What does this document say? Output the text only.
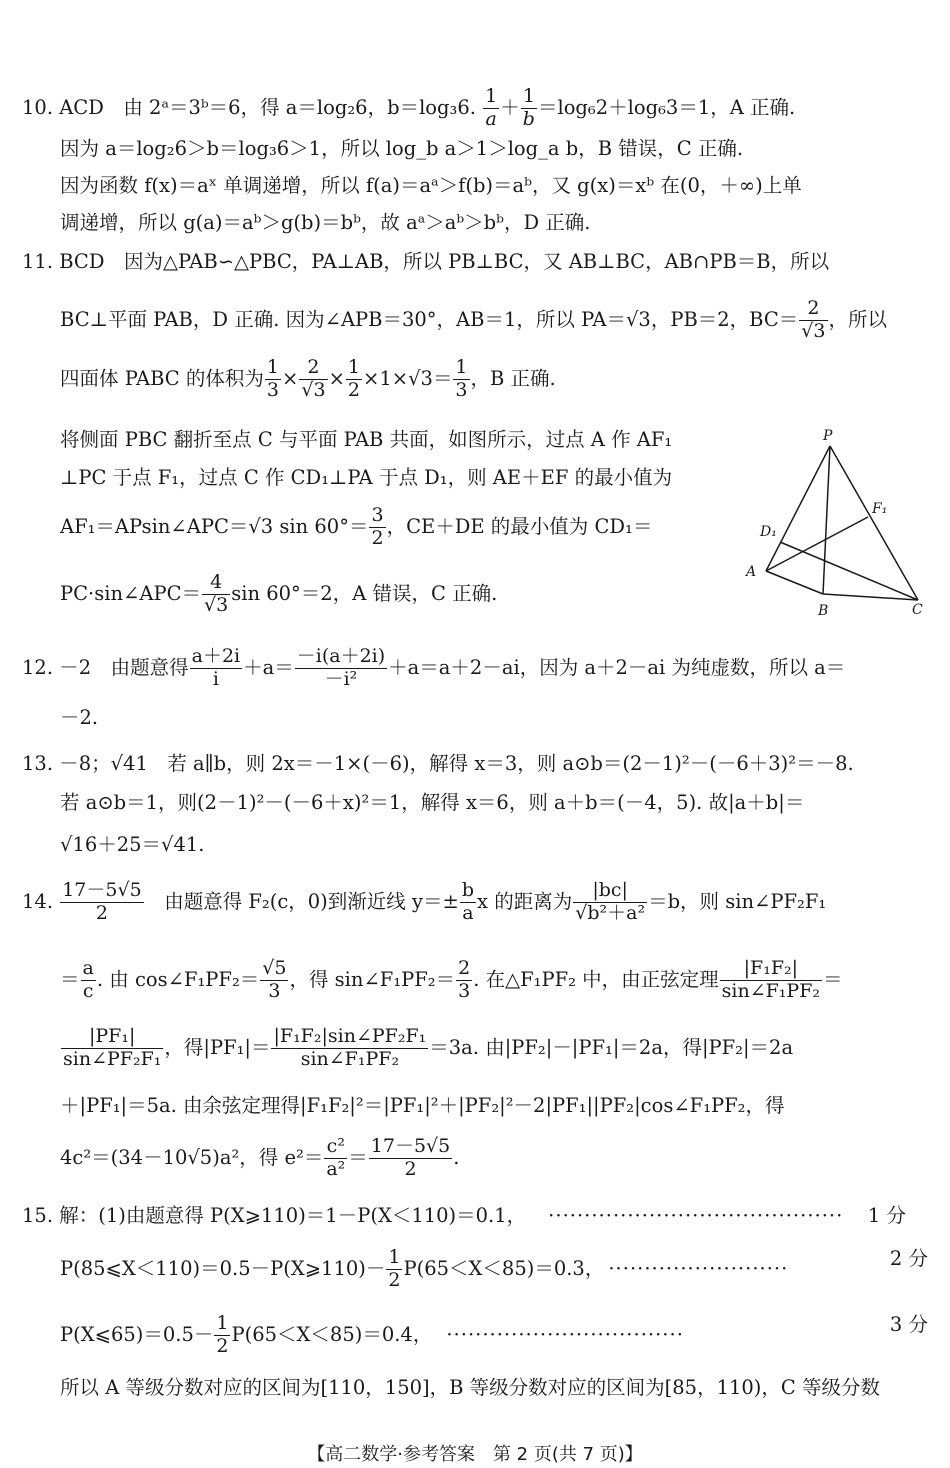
10. ACD　由 2ᵃ＝3ᵇ＝6，得 a＝log₂6，b＝log₃6. $\frac{1}{a} + \frac{1}{b} =\log_62+\log_63=1$，A 正确.
因为 a＝log₂6＞b＝log₃6＞1，所以 log_b a＞1＞log_a b，B 错误，C 正确.
因为函数 f(x)＝aˣ 单调递增，所以 f(a)＝aᵃ＞f(b)＝aᵇ，又 g(x)＝xᵇ 在(0，＋∞)上单
调递增，所以 g(a)＝aᵇ＞g(b)＝bᵇ，故 aᵃ＞aᵇ＞bᵇ，D 正确.
11. BCD　因为△PAB∽△PBC，PA⊥AB，所以 PB⊥BC，又 AB⊥BC，AB∩PB＝B，所以
BC⊥平面 PAB，D 正确. 因为∠APB＝30°，AB＝1，所以 PA＝√3，PB＝2，$BC= \frac{2}{√3}$ ，所以
四面体 PABC 的体积为 $\frac{1}{3} \times \frac{2}{√3} \times \frac{1}{2} \times 1\times√3= \frac{1}{3}$ ，B 正确.
将侧面 PBC 翻折至点 C 与平面 PAB 共面，如图所示，过点 A 作 AF₁
⊥PC 于点 F₁，过点 C 作 CD₁⊥PA 于点 D₁，则 AE＋EF 的最小值为
AF₁＝APsin∠APC＝√3 $\sin 60^\circ= \frac{3}{2}$ ，CE＋DE 的最小值为 CD₁＝
PC·sin∠APC＝ $\frac{4}{√3}$ sin 60°＝2，A 错误，C 正确.
P
F₁
D₁
A
B	C
12. －2　由题意得 $\frac{a+2i}{i} +a= \frac{-i(a+2i)}{\text{－i²}} +a=a+2-ai$，因为 a＋2－ai 为纯虚数，所以 a＝
－2.
13. －8；√41　若 a∥b，则 2x＝－1×(－6)，解得 x＝3，则 a⊙b＝(2－1)²－(－6＋3)²＝－8.
若 a⊙b＝1，则(2－1)²－(－6＋x)²＝1，解得 x＝6，则 a＋b＝(－4，5). 故|a＋b|＝
√16＋25＝√41.
14. $\frac{17-5√5}{2}$
　 由题意得 F₂(c，0)到渐近线 $y=\pm \frac{b}{a}$ x 的距离为 $\frac{|bc|}{\text{√b²＋a²}} =b$，则 sin∠PF₂F₁
＝ $\frac{a}{c}$ . 由 cos∠F₁PF₂＝ $\frac{√5}{3}$ ，得 sin∠F₁PF₂＝ $\frac{2}{3}$ . 在△F₁PF₂ 中，由正弦定理 $\frac{\text{|F₁F₂|}}{\text{sin∠F₁PF₂}}$ ＝
$\frac{\text{|PF₁|}}{\text{sin∠PF₂F₁}}$ ，得$|PF_1|= \frac{\text{|F₁F₂|sin∠PF₂F₁}}{\text{sin∠F₁PF₂}} =3a$. 由|PF₂|－|PF₁|＝2a，得|PF₂|＝2a
＋|PF₁|＝5a. 由余弦定理得|F₁F₂|²＝|PF₁|²＋|PF₂|²－2|PF₁||PF₂|cos∠F₁PF₂，得
4c²＝(34－10√5)a²，得 $e^2= \frac{\text{c²}}{\text{a²}} = \frac{17-5√5}{2}$ .
15. 解：(1)由题意得 P(X⩾110)＝1－P(X＜110)＝0.1， ········································· 1 分
P(85⩽X＜110)＝0.5－P(X⩾110)－ $\frac{1}{2} P(65<X<85)=0.3$， ·························	2 分
P(X⩽65)＝0.5－ $\frac{1}{2} P(65<X<85)=0.4$， ·································	3 分
所以 A 等级分数对应的区间为[110，150]，B 等级分数对应的区间为[85，110)，C 等级分数
【高二数学·参考答案　第 2 页(共 7 页)】
